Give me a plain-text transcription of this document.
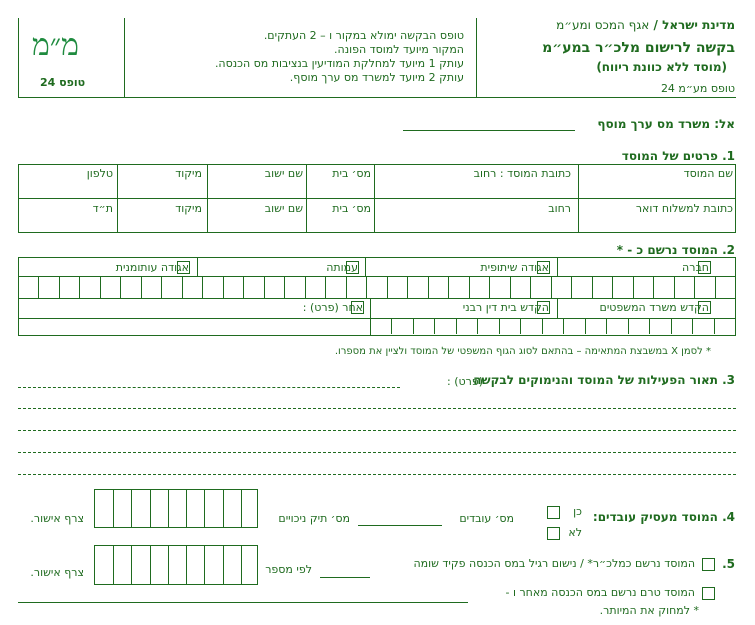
מדינת ישראל / אגף המכס ומע״מ
בקשה לרישום מלכ״ר במע״מ
(מוסד ללא כוונת ריווח)
טופס מע״מ 24
טופס הבקשה ימולא במקור ו – 2 העתקים.
המקור מיועד למוסד הפונה.
עותק 1 מיועד למחלקת המודיעין בנציבות מס הכנסה.
עותק 2 מיועד למשרד מס ערך מוסף.
מ״מ
טופס 24
אל: משרד מס ערך מוסף
1. פרטים של המוסד
שם המוסד
כתובת המוסד : רחוב
מס׳ בית
שם ישוב
מיקוד
טלפון
כתובת למשלוח דואר
רחוב
מס׳ בית
שם ישוב
מיקוד
ת״ד
2. המוסד נרשם כ - *
חברה
אגודה שיתופית
עמותה
אגודה עותומנית
הקדש משרד המשפטים
הקדש בית דין רבני
אחר (פרט) :
* לסמן X במשבצת המתאימה – בהתאם לסוג הגוף המשפטי של המוסד ולציין את מספרו.
3. תאור הפעילות של המוסד והנימוקים לבקשה
(פרט) :
4. המוסד מעסיק עובדים:
כן
לא
מס׳ עובדים
מס׳ תיק ניכויים
צרף אישור.
5.
המוסד נרשם כמלכ״ר* / נישום רגיל במס הכנסה פקיד שומה
לפי מספר
צרף אישור.
המוסד טרם נרשם במס הכנסה מאחר ו -
* למחוק את המיותר.
